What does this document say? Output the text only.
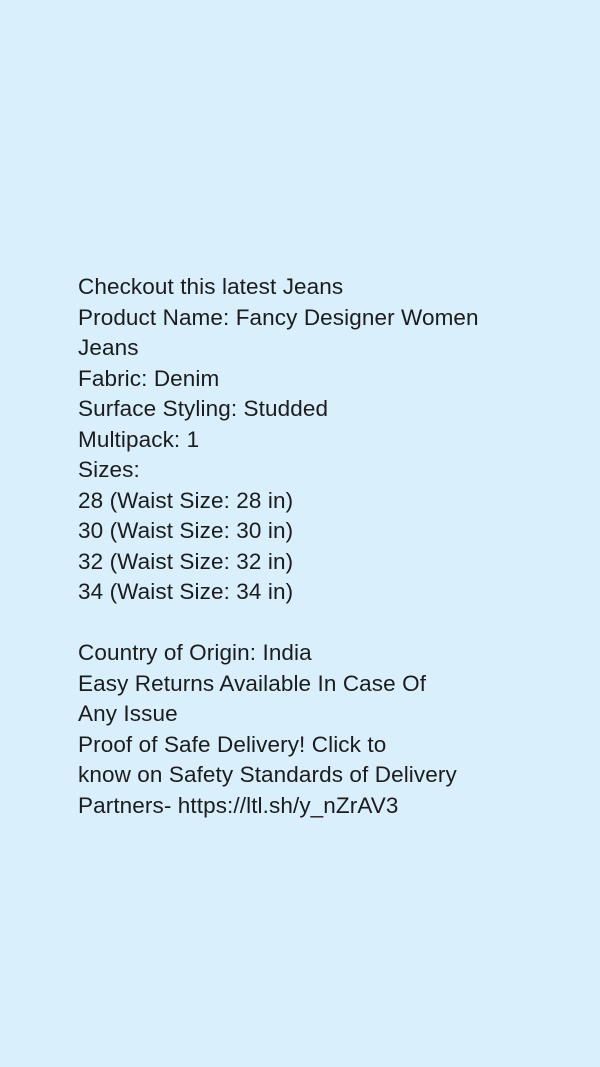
Checkout this latest Jeans
Product Name: Fancy Designer Women
Jeans
Fabric: Denim
Surface Styling: Studded
Multipack: 1
Sizes:
28 (Waist Size: 28 in)
30 (Waist Size: 30 in)
32 (Waist Size: 32 in)
34 (Waist Size: 34 in)
Country of Origin: India
Easy Returns Available In Case Of
Any Issue
Proof of Safe Delivery! Click to
know on Safety Standards of Delivery
Partners- https://ltl.sh/y_nZrAV3
